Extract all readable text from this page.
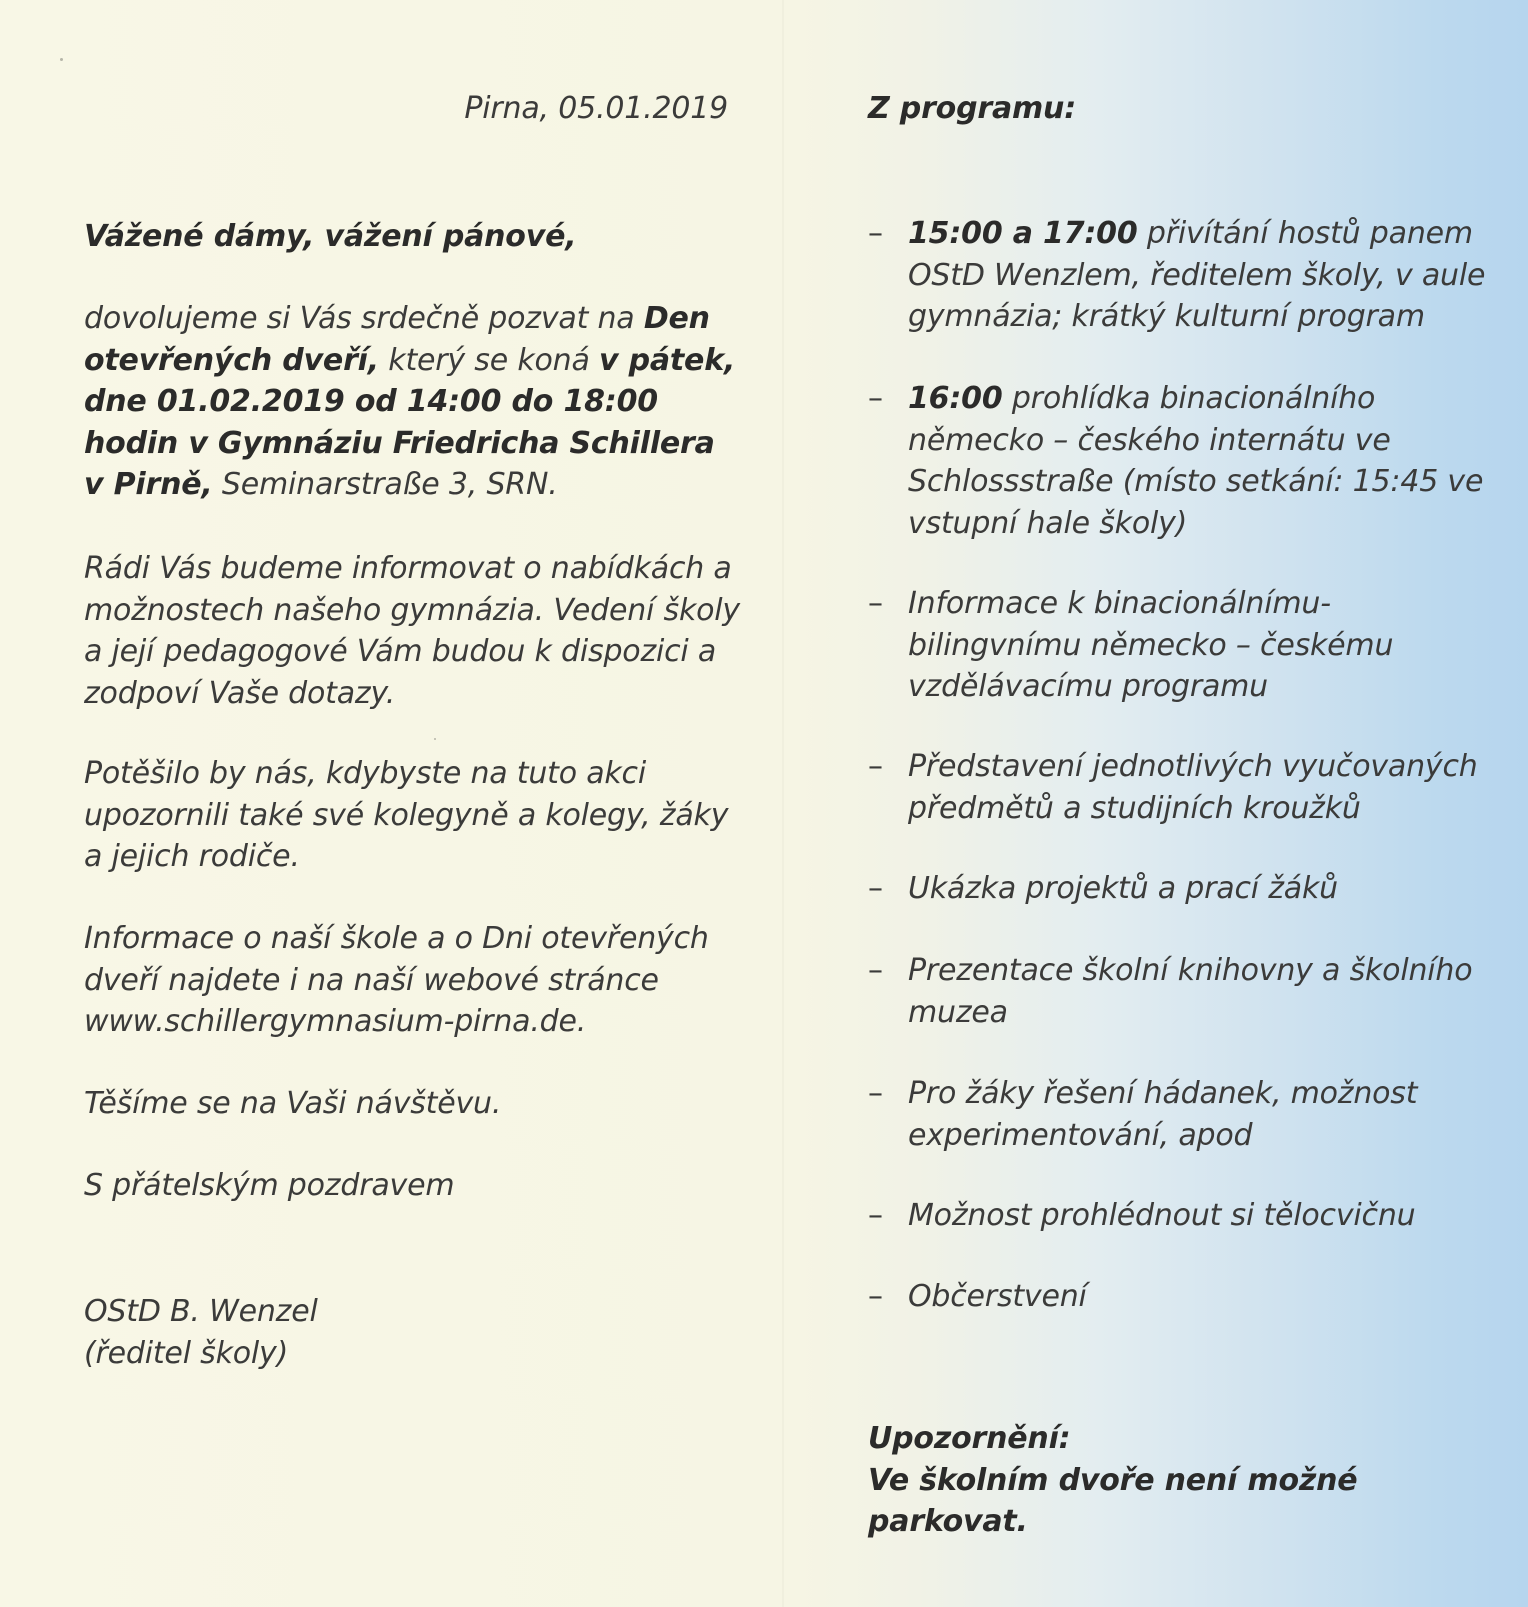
Pirna, 05.01.2019
Vážené dámy, vážení pánové,
dovolujeme si Vás srdečně pozvat na Den otevřených dveří, který se koná v pátek, dne 01.02.2019 od 14:00 do 18:00 hodin v Gymnáziu Friedricha Schillera v Pirně, Seminarstraße 3, SRN.
Rádi Vás budeme informovat o nabídkách a možnostech našeho gymnázia. Vedení školy a její pedagogové Vám budou k dispozici a zodpoví Vaše dotazy.
Potěšilo by nás, kdybyste na tuto akci upozornili také své kolegyně a kolegy, žáky a jejich rodiče.
Informace o naší škole a o Dni otevřených dveří najdete i na naší webové stránce www.schillergymnasium-pirna.de.
Těšíme se na Vaši návštěvu.
S přátelským pozdravem
OStD B. Wenzel
(ředitel školy)
Z programu:
– 15:00 a 17:00 přivítání hostů panem OStD Wenzlem, ředitelem školy, v aule gymnázia; krátký kulturní program
– 16:00 prohlídka binacionálního německo – českého internátu ve Schlossstraße (místo setkání: 15:45 ve vstupní hale školy)
– Informace k binacionálnímu-bilingvnímu německo – českému vzdělávacímu programu
– Představení jednotlivých vyučovaných předmětů a studijních kroužků
– Ukázka projektů a prací žáků
– Prezentace školní knihovny a školního muzea
– Pro žáky řešení hádanek, možnost experimentování, apod
– Možnost prohlédnout si tělocvičnu
– Občerstvení
Upozornění:
Ve školním dvoře není možné parkovat.
